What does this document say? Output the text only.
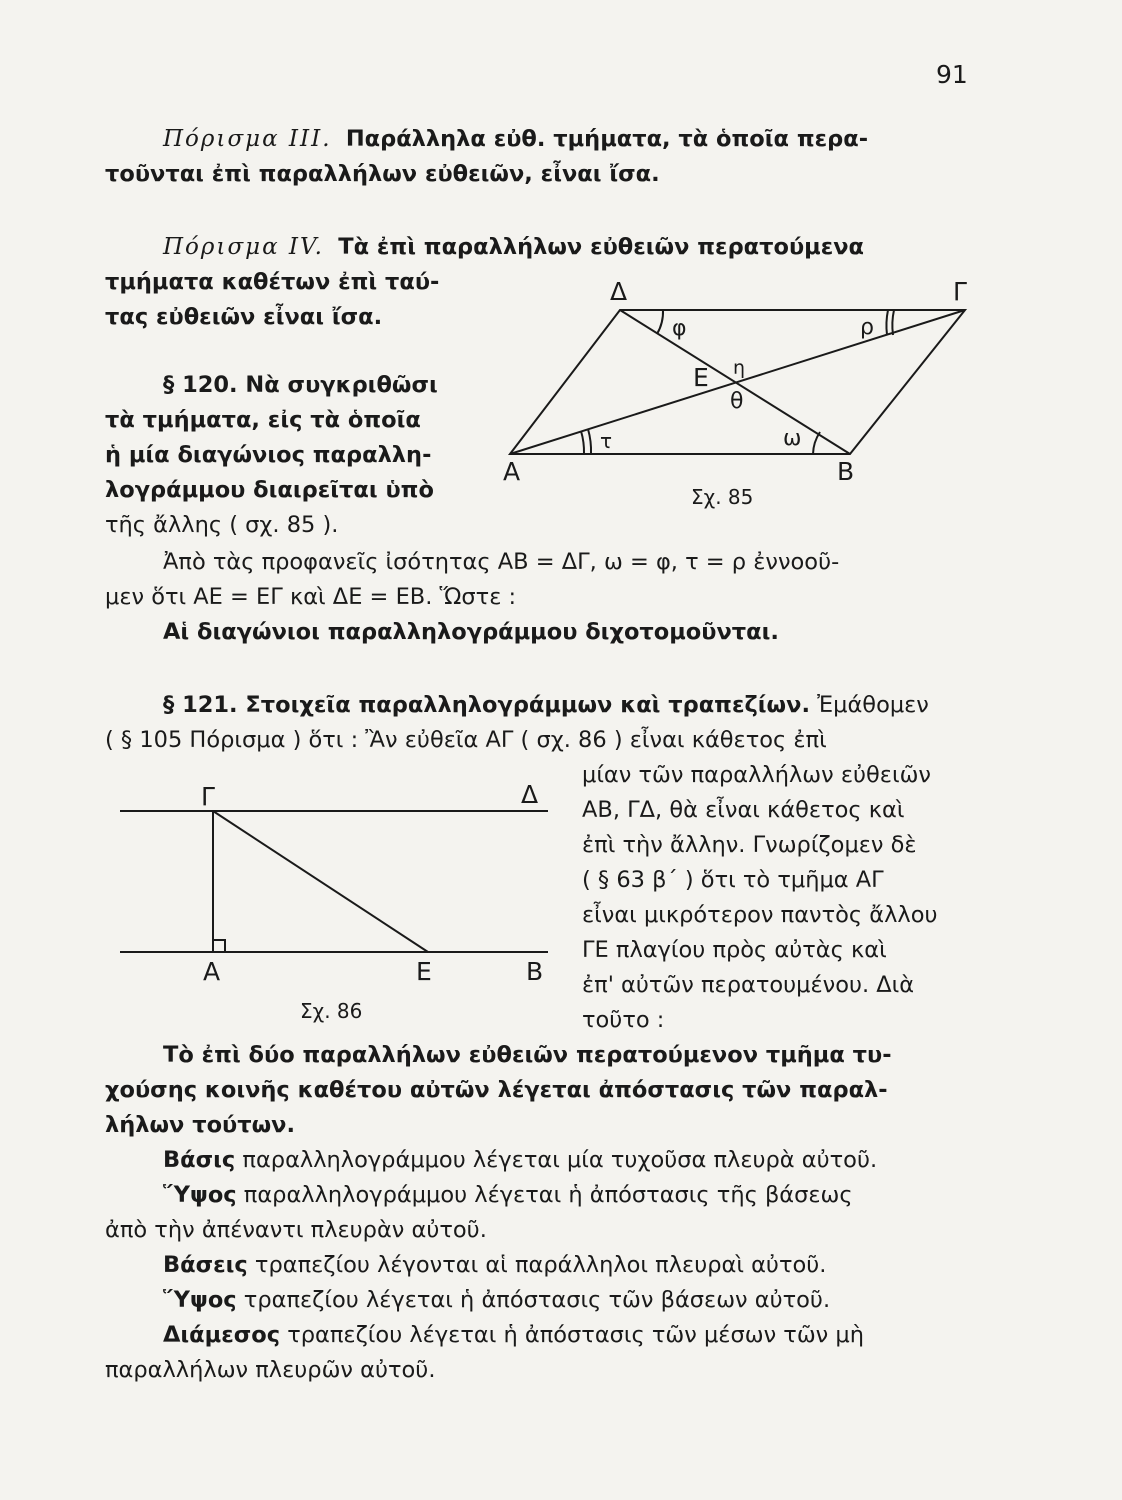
91
Πόρισμα ΙΙΙ. Παράλληλα εὐθ. τμήματα, τὰ ὁποῖα περα-
τοῦνται ἐπὶ παραλλήλων εὐθειῶν, εἶναι ἴσα.
Πόρισμα IV. Τὰ ἐπὶ παραλλήλων εὐθειῶν περατούμενα
τμήματα καθέτων ἐπὶ ταύ-
τας εὐθειῶν εἶναι ἴσα.
§ 120. Νὰ συγκριθῶσι
τὰ τμήματα, εἰς τὰ ὁποῖα
ἡ μία διαγώνιος παραλλη-
λογράμμου διαιρεῖται ὑπὸ
τῆς ἄλλης ( σχ. 85 ).
Ἀπὸ τὰς προφανεῖς ἰσότητας ΑΒ = ΔΓ, ω = φ, τ = ρ ἐννοοῦ-
μεν ὅτι ΑΕ = ΕΓ καὶ ΔΕ = ΕΒ. Ὥστε :
Αἱ διαγώνιοι παραλληλογράμμου διχοτομοῦνται.
Δ	Γ
Α	Β
Ε
φ	ρ
η
θ
τ	ω
Σχ. 85
§ 121. Στοιχεῖα παραλληλογράμμων καὶ τραπεζίων. Ἐμάθομεν
( § 105 Πόρισμα ) ὅτι : Ἂν εὐθεῖα ΑΓ ( σχ. 86 ) εἶναι κάθετος ἐπὶ
μίαν τῶν παραλλήλων εὐθειῶν
ΑΒ, ΓΔ, θὰ εἶναι κάθετος καὶ
ἐπὶ τὴν ἄλλην. Γνωρίζομεν δὲ
( § 63 β΄ ) ὅτι τὸ τμῆμα ΑΓ
εἶναι μικρότερον παντὸς ἄλλου
ΓΕ πλαγίου πρὸς αὐτὰς καὶ
ἐπ' αὐτῶν περατουμένου. Διὰ
τοῦτο :
Γ	Δ
Α	Ε	Β
Σχ. 86
Τὸ ἐπὶ δύο παραλλήλων εὐθειῶν περατούμενον τμῆμα τυ-
χούσης κοινῆς καθέτου αὐτῶν λέγεται ἀπόστασις τῶν παραλ-
λήλων τούτων.
Βάσις παραλληλογράμμου λέγεται μία τυχοῦσα πλευρὰ αὐτοῦ.
Ὕψος παραλληλογράμμου λέγεται ἡ ἀπόστασις τῆς βάσεως
ἀπὸ τὴν ἀπέναντι πλευρὰν αὐτοῦ.
Βάσεις τραπεζίου λέγονται αἱ παράλληλοι πλευραὶ αὐτοῦ.
Ὕψος τραπεζίου λέγεται ἡ ἀπόστασις τῶν βάσεων αὐτοῦ.
Διάμεσος τραπεζίου λέγεται ἡ ἀπόστασις τῶν μέσων τῶν μὴ
παραλλήλων πλευρῶν αὐτοῦ.
